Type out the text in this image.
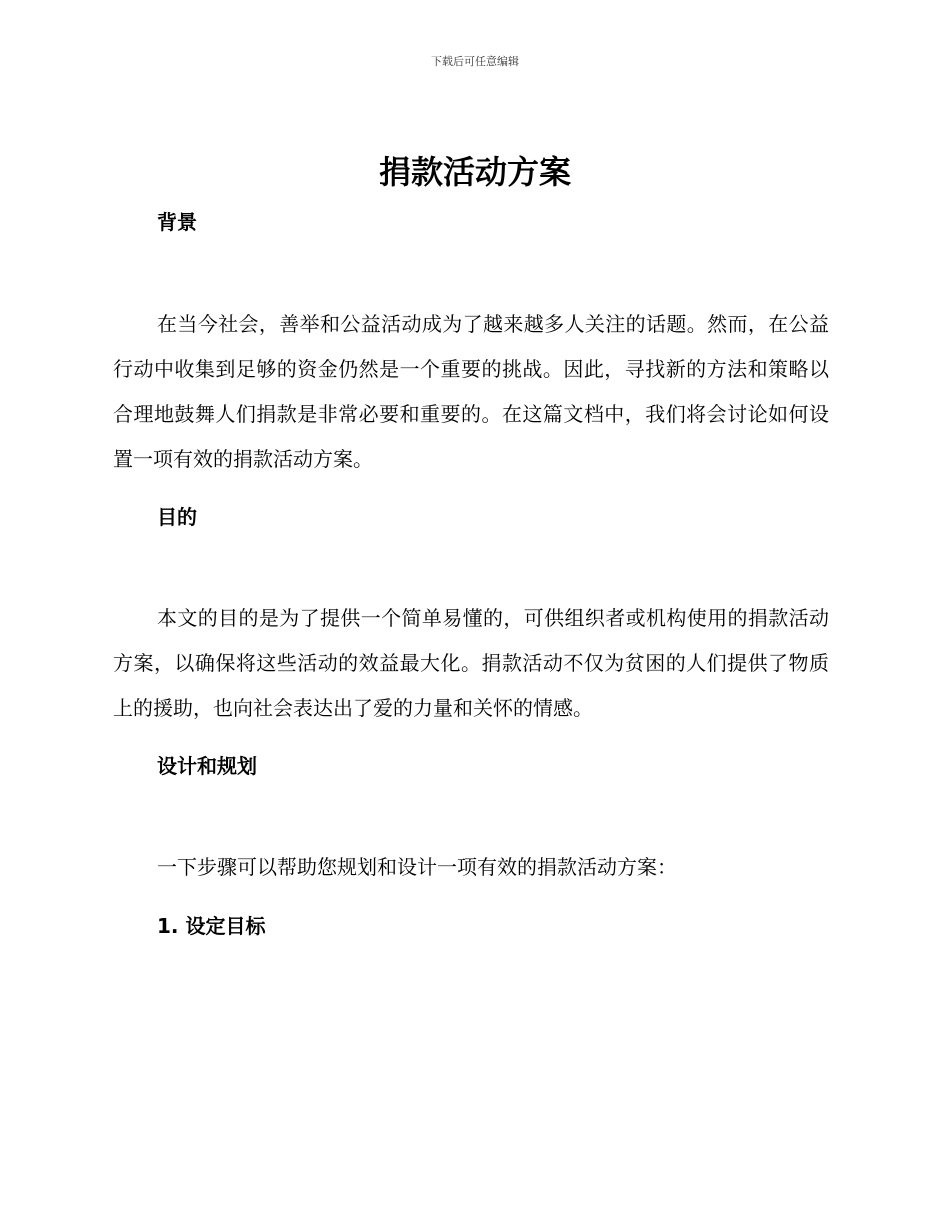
下载后可任意编辑
捐款活动方案
背景

在当今社会，善举和公益活动成为了越来越多人关注的话题。然而，在公益行动中收集到足够的资金仍然是一个重要的挑战。因此，寻找新的方法和策略以合理地鼓舞人们捐款是非常必要和重要的。在这篇文档中，我们将会讨论如何设置一项有效的捐款活动方案。

目的

本文的目的是为了提供一个简单易懂的，可供组织者或机构使用的捐款活动方案，以确保将这些活动的效益最大化。捐款活动不仅为贫困的人们提供了物质上的援助，也向社会表达出了爱的力量和关怀的情感。

设计和规划

一下步骤可以帮助您规划和设计一项有效的捐款活动方案：

1. 设定目标
